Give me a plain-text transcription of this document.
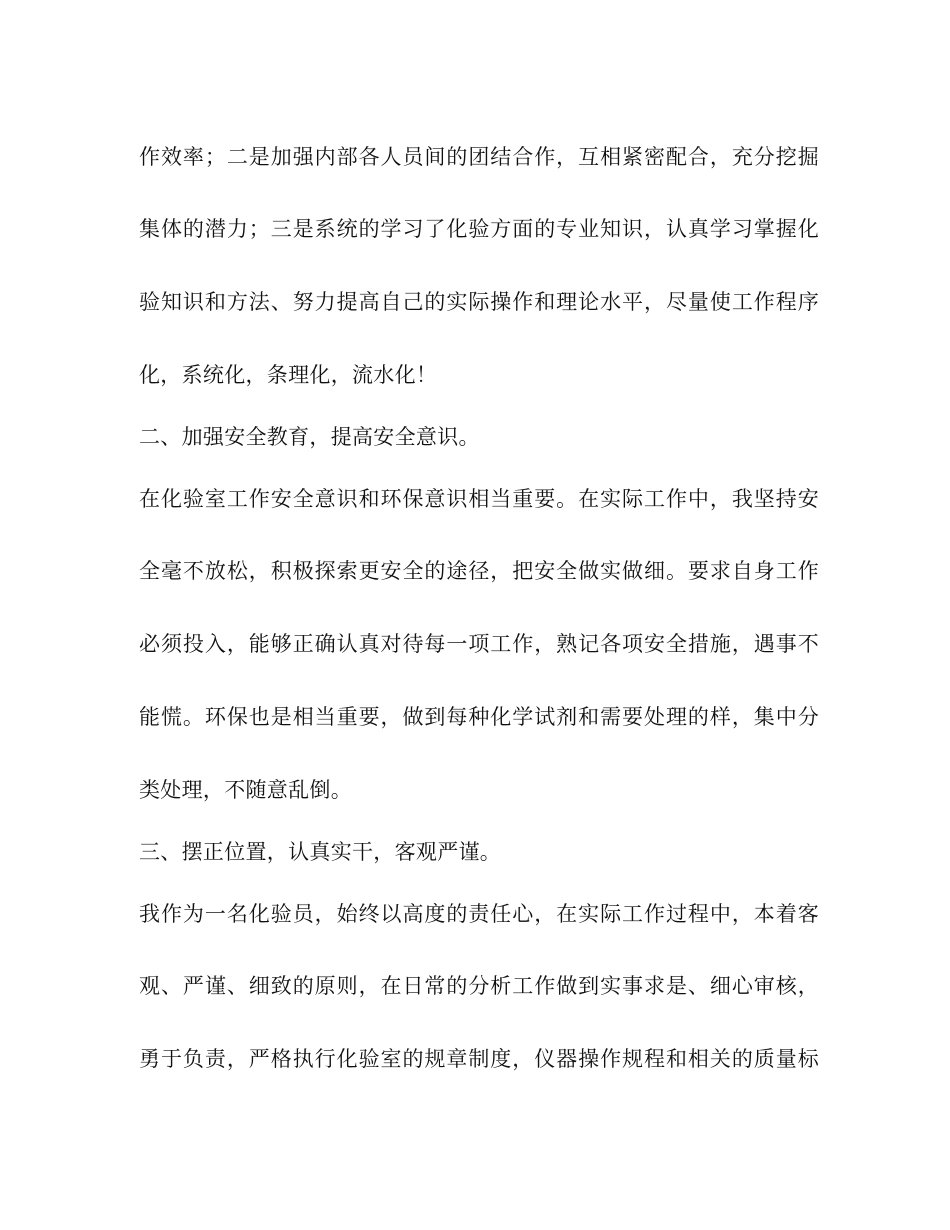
作效率；二是加强内部各人员间的团结合作，互相紧密配合，充分挖掘
集体的潜力；三是系统的学习了化验方面的专业知识，认真学习掌握化
验知识和方法、努力提高自己的实际操作和理论水平，尽量使工作程序
化，系统化，条理化，流水化！
二、加强安全教育，提高安全意识。
在化验室工作安全意识和环保意识相当重要。在实际工作中，我坚持安
全毫不放松，积极探索更安全的途径，把安全做实做细。要求自身工作
必须投入，能够正确认真对待每一项工作，熟记各项安全措施，遇事不
能慌。环保也是相当重要，做到每种化学试剂和需要处理的样，集中分
类处理，不随意乱倒。
三、摆正位置，认真实干，客观严谨。
我作为一名化验员，始终以高度的责任心，在实际工作过程中，本着客
观、严谨、细致的原则，在日常的分析工作做到实事求是、细心审核，
勇于负责，严格执行化验室的规章制度，仪器操作规程和相关的质量标
